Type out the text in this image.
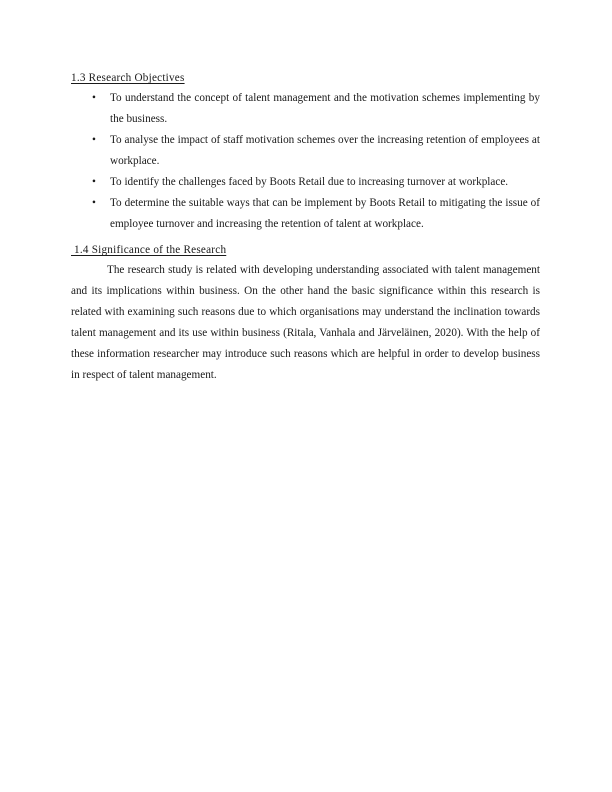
1.3 Research Objectives
• To understand the concept of talent management and the motivation schemes implementing by the business.
• To analyse the impact of staff motivation schemes over the increasing retention of employees at workplace.
• To identify the challenges faced by Boots Retail due to increasing turnover at workplace.
• To determine the suitable ways that can be implement by Boots Retail to mitigating the issue of employee turnover and increasing the retention of talent at workplace.
1.4 Significance of the Research

The research study is related with developing understanding associated with talent management and its implications within business. On the other hand the basic significance within this research is related with examining such reasons due to which organisations may understand the inclination towards talent management and its use within business (Ritala, Vanhala and Järveläinen, 2020). With the help of these information researcher may introduce such reasons which are helpful in order to develop business in respect of talent management.
